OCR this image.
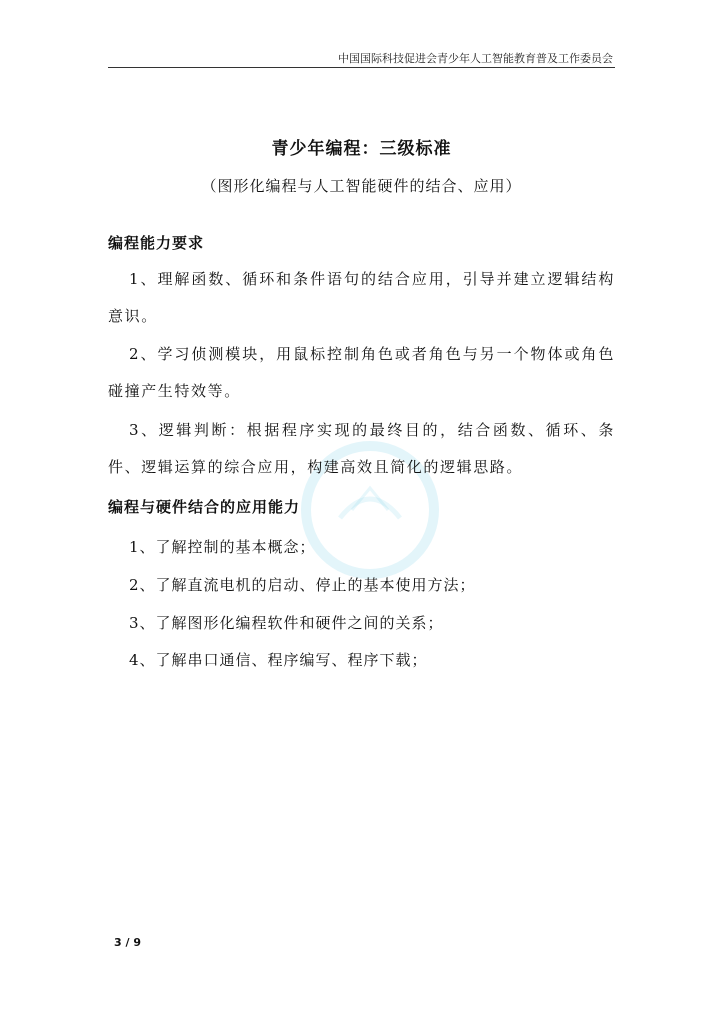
中国国际科技促进会青少年人工智能教育普及工作委员会
青少年编程：三级标准
（图形化编程与人工智能硬件的结合、应用）
编程能力要求

1、理解函数、循环和条件语句的结合应用，引导并建立逻辑结构意识。

2、学习侦测模块，用鼠标控制角色或者角色与另一个物体或角色碰撞产生特效等。

3、逻辑判断：根据程序实现的最终目的，结合函数、循环、条件、逻辑运算的综合应用，构建高效且简化的逻辑思路。

编程与硬件结合的应用能力
1、了解控制的基本概念；
2、了解直流电机的启动、停止的基本使用方法；
3、了解图形化编程软件和硬件之间的关系；
4、了解串口通信、程序编写、程序下载；
3 / 9
